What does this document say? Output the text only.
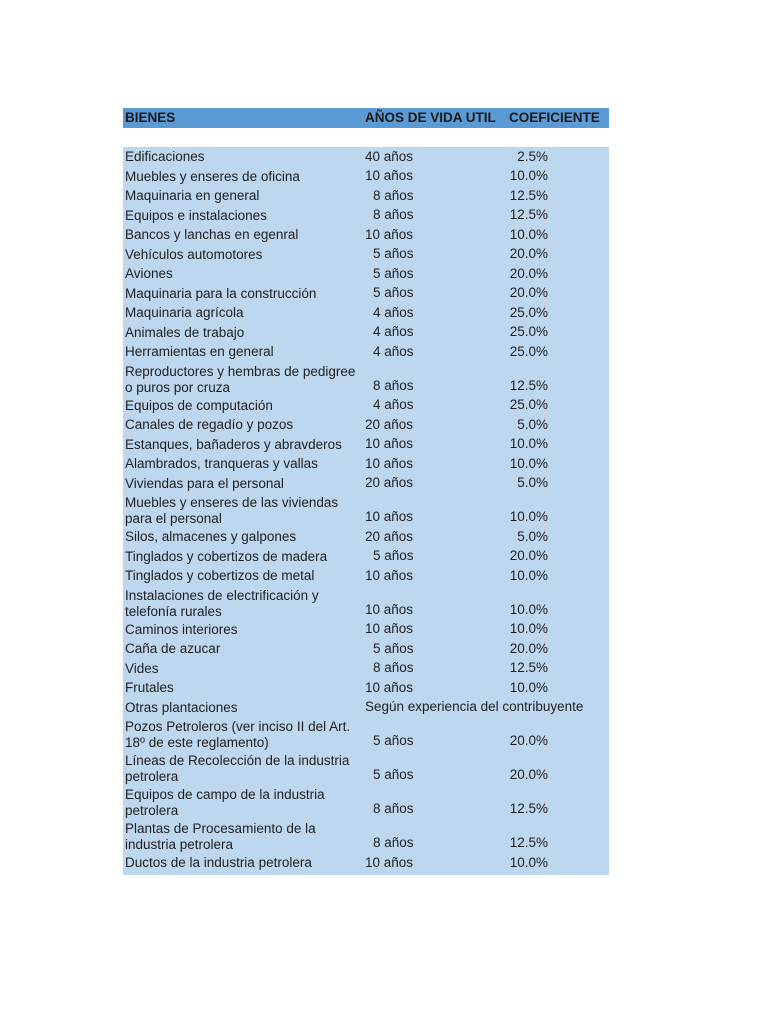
BIENES	AÑOS DE VIDA UTIL COEFICIENTE
Edificaciones	40 años	2.5%
Muebles y enseres de oficina	10 años	10.0%
Maquinaria en general	8 años	12.5%
Equipos e instalaciones	8 años	12.5%
Bancos y lanchas en egenral	10 años	10.0%
Vehículos automotores	5 años	20.0%
Aviones	5 años	20.0%
Maquinaria para la construcción	5 años	20.0%
Maquinaria agrícola	4 años	25.0%
Animales de trabajo	4 años	25.0%
Herramientas en general	4 años	25.0%
Reproductores y hembras de pedigree o puros por cruza	8 años	12.5%
Equipos de computación	4 años	25.0%
Canales de regadío y pozos	20 años	5.0%
Estanques, bañaderos y abravderos	10 años	10.0%
Alambrados, tranqueras y vallas	10 años	10.0%
Viviendas para el personal	20 años	5.0%
Muebles y enseres de las viviendas para el personal	10 años	10.0%
Silos, almacenes y galpones	20 años	5.0%
Tinglados y cobertizos de madera	5 años	20.0%
Tinglados y cobertizos de metal	10 años	10.0%
Instalaciones de electrificación y telefonía rurales	10 años	10.0%
Caminos interiores	10 años	10.0%
Caña de azucar	5 años	20.0%
Vides	8 años	12.5%
Frutales	10 años	10.0%
Otras plantaciones	Según experiencia del contribuyente
Pozos Petroleros (ver inciso II del Art. 18º de este reglamento)	5 años	20.0%
Líneas de Recolección de la industria petrolera	5 años	20.0%
Equipos de campo de la industria petrolera	8 años	12.5%
Plantas de Procesamiento de la industria petrolera	8 años	12.5%
Ductos de la industria petrolera	10 años	10.0%
